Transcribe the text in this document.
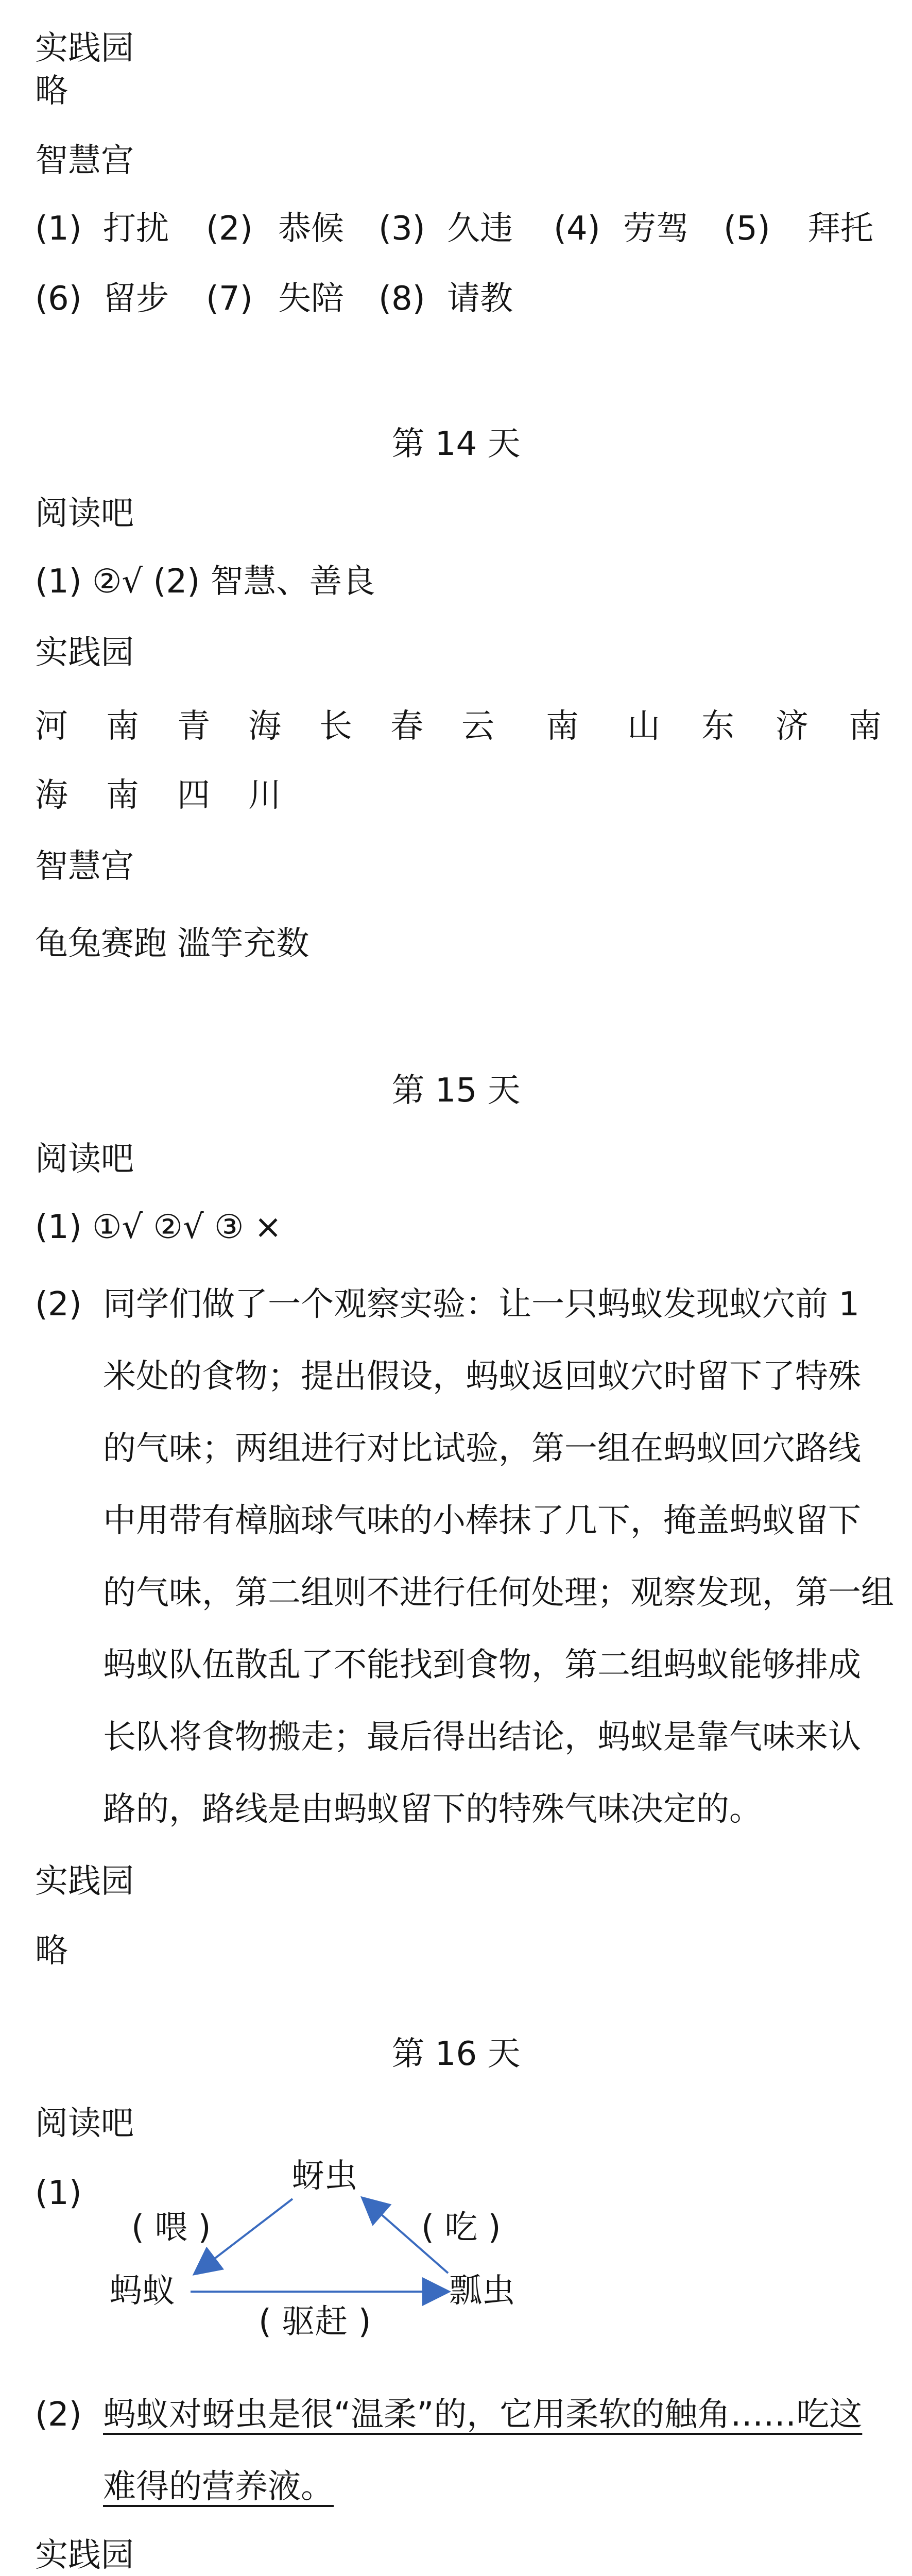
实践园
略
智慧宫
(1) 打扰 (2) 恭候 (3) 久违 (4) 劳驾 (5) 拜托
(6) 留步 (7) 失陪 (8) 请教
第 14 天
阅读吧
(1) ②√ (2) 智慧、善良
实践园
河 南 青 海 长 春 云 南 山 东 济 南
海 南 四 川
智慧宫
龟兔赛跑 滥竽充数
第 15 天
阅读吧
(1) ①√ ②√ ③ ×
(2) 同学们做了一个观察实验：让一只蚂蚁发现蚁穴前 1
米处的食物；提出假设，蚂蚁返回蚁穴时留下了特殊
的气味；两组进行对比试验，第一组在蚂蚁回穴路线
中用带有樟脑球气味的小棒抹了几下，掩盖蚂蚁留下
的气味，第二组则不进行任何处理；观察发现，第一组
蚂蚁队伍散乱了不能找到食物，第二组蚂蚁能够排成
长队将食物搬走；最后得出结论，蚂蚁是靠气味来认
路的，路线是由蚂蚁留下的特殊气味决定的。
实践园
略
第 16 天
阅读吧
(1)	蚜虫
蚂蚁	瓢虫
( 喂 )	( 吃 )
( 驱赶 )
(2) 蚂蚁对蚜虫是很“温柔”的，它用柔软的触角……吃这
难得的营养液。
实践园
